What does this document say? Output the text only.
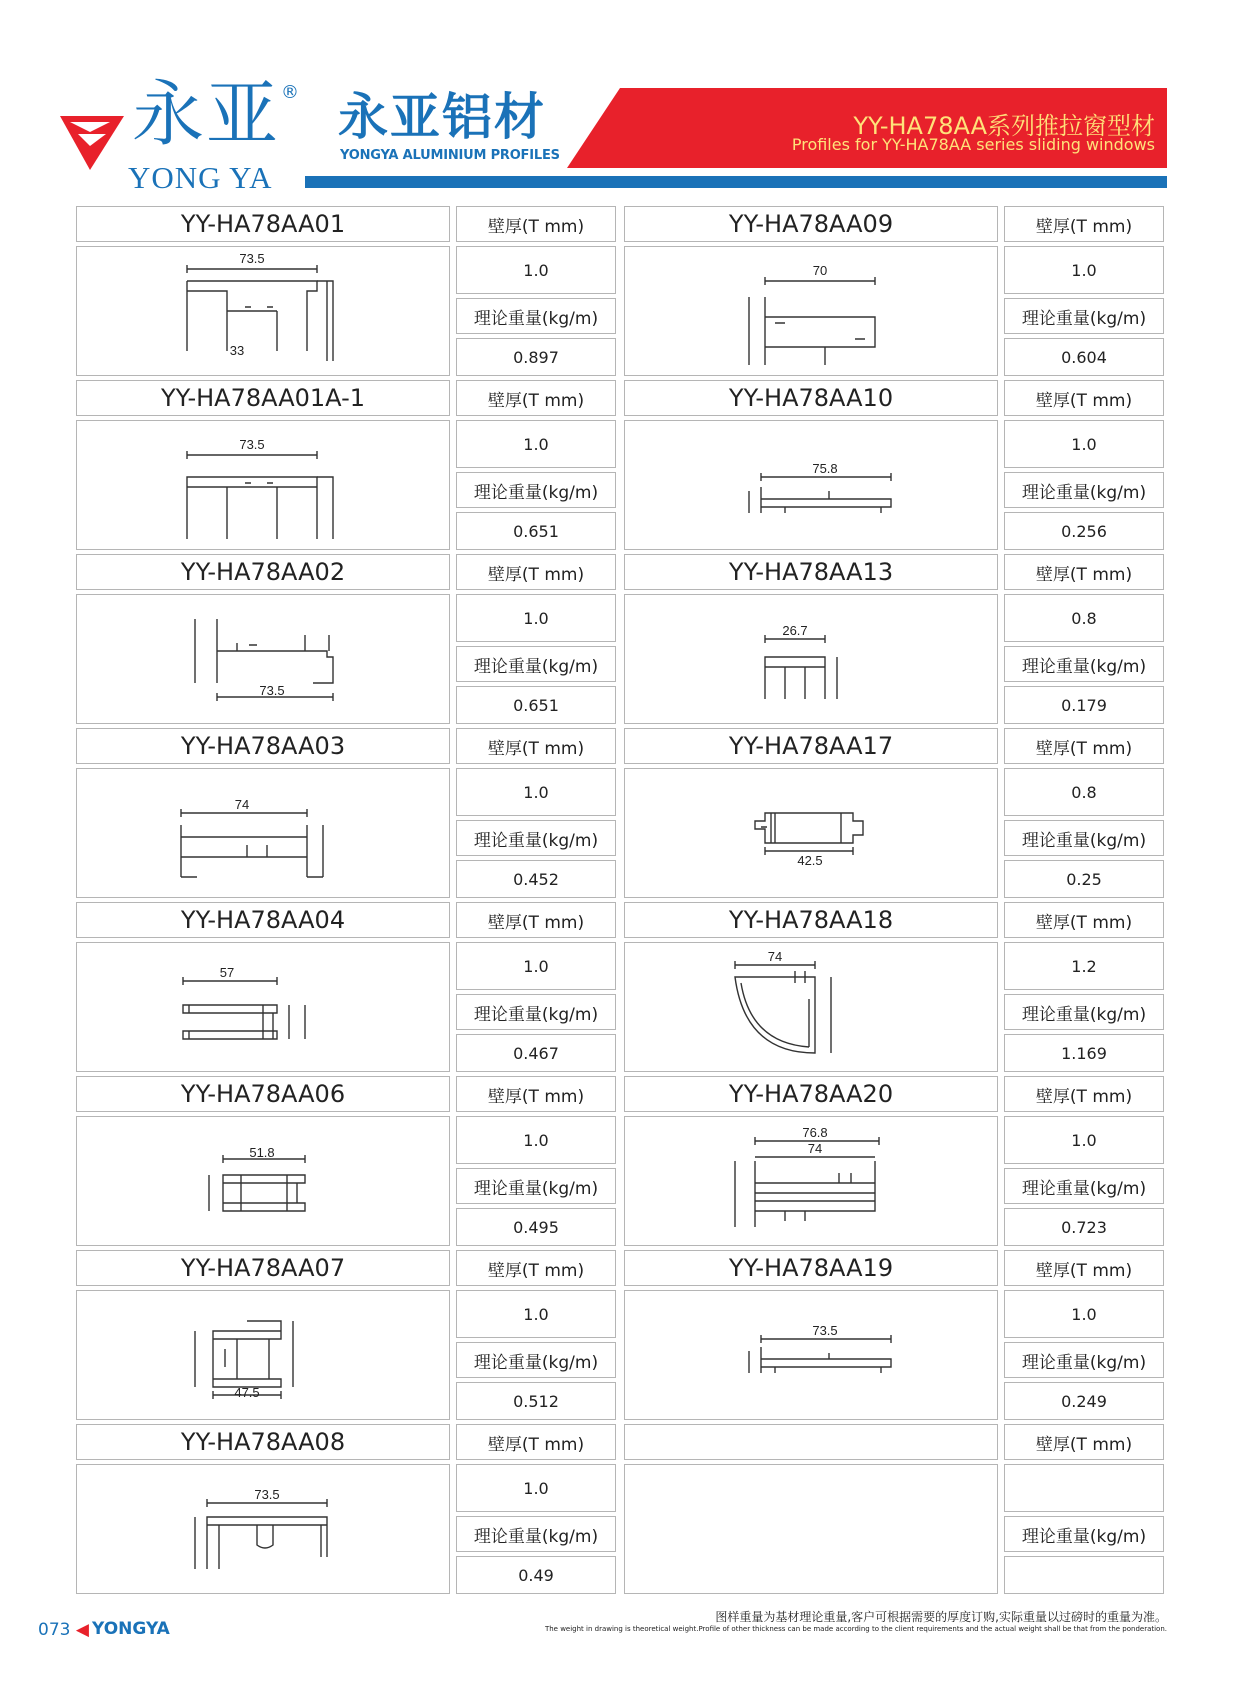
永亚 ®
YONG YA
永亚铝材
YONGYA ALUMINIUM PROFILES
YY-HA78AA系列推拉窗型材
Profiles for YY-HA78AA series sliding windows
YY-HA78AA01
73.5
33
壁厚(T mm)
1.0
理论重量(kg/m)
0.897
YY-HA78AA09
70
壁厚(T mm)
1.0
理论重量(kg/m)
0.604
YY-HA78AA01A-1
73.5
壁厚(T mm)
1.0
理论重量(kg/m)
0.651
YY-HA78AA10
75.8
壁厚(T mm)
1.0
理论重量(kg/m)
0.256
YY-HA78AA02
73.5
壁厚(T mm)
1.0
理论重量(kg/m)
0.651
YY-HA78AA13
26.7
壁厚(T mm)
0.8
理论重量(kg/m)
0.179
YY-HA78AA03
74
壁厚(T mm)
1.0
理论重量(kg/m)
0.452
YY-HA78AA17
42.5
壁厚(T mm)
0.8
理论重量(kg/m)
0.25
YY-HA78AA04
57
壁厚(T mm)
1.0
理论重量(kg/m)
0.467
YY-HA78AA18
74
壁厚(T mm)
1.2
理论重量(kg/m)
1.169
YY-HA78AA06
51.8
壁厚(T mm)
1.0
理论重量(kg/m)
0.495
YY-HA78AA20
76.8
74
壁厚(T mm)
1.0
理论重量(kg/m)
0.723
YY-HA78AA07
47.5
壁厚(T mm)
1.0
理论重量(kg/m)
0.512
YY-HA78AA19
73.5
壁厚(T mm)
1.0
理论重量(kg/m)
0.249
YY-HA78AA08
73.5
壁厚(T mm)
1.0
理论重量(kg/m)
0.49
壁厚(T mm)
理论重量(kg/m)
073 ◀ YONGYA
图样重量为基材理论重量,客户可根据需要的厚度订购,实际重量以过磅时的重量为准。
The weight in drawing is theoretical weight.Profile of other thickness can be made according to the client requirements and the actual weight shall be that from the ponderation.
